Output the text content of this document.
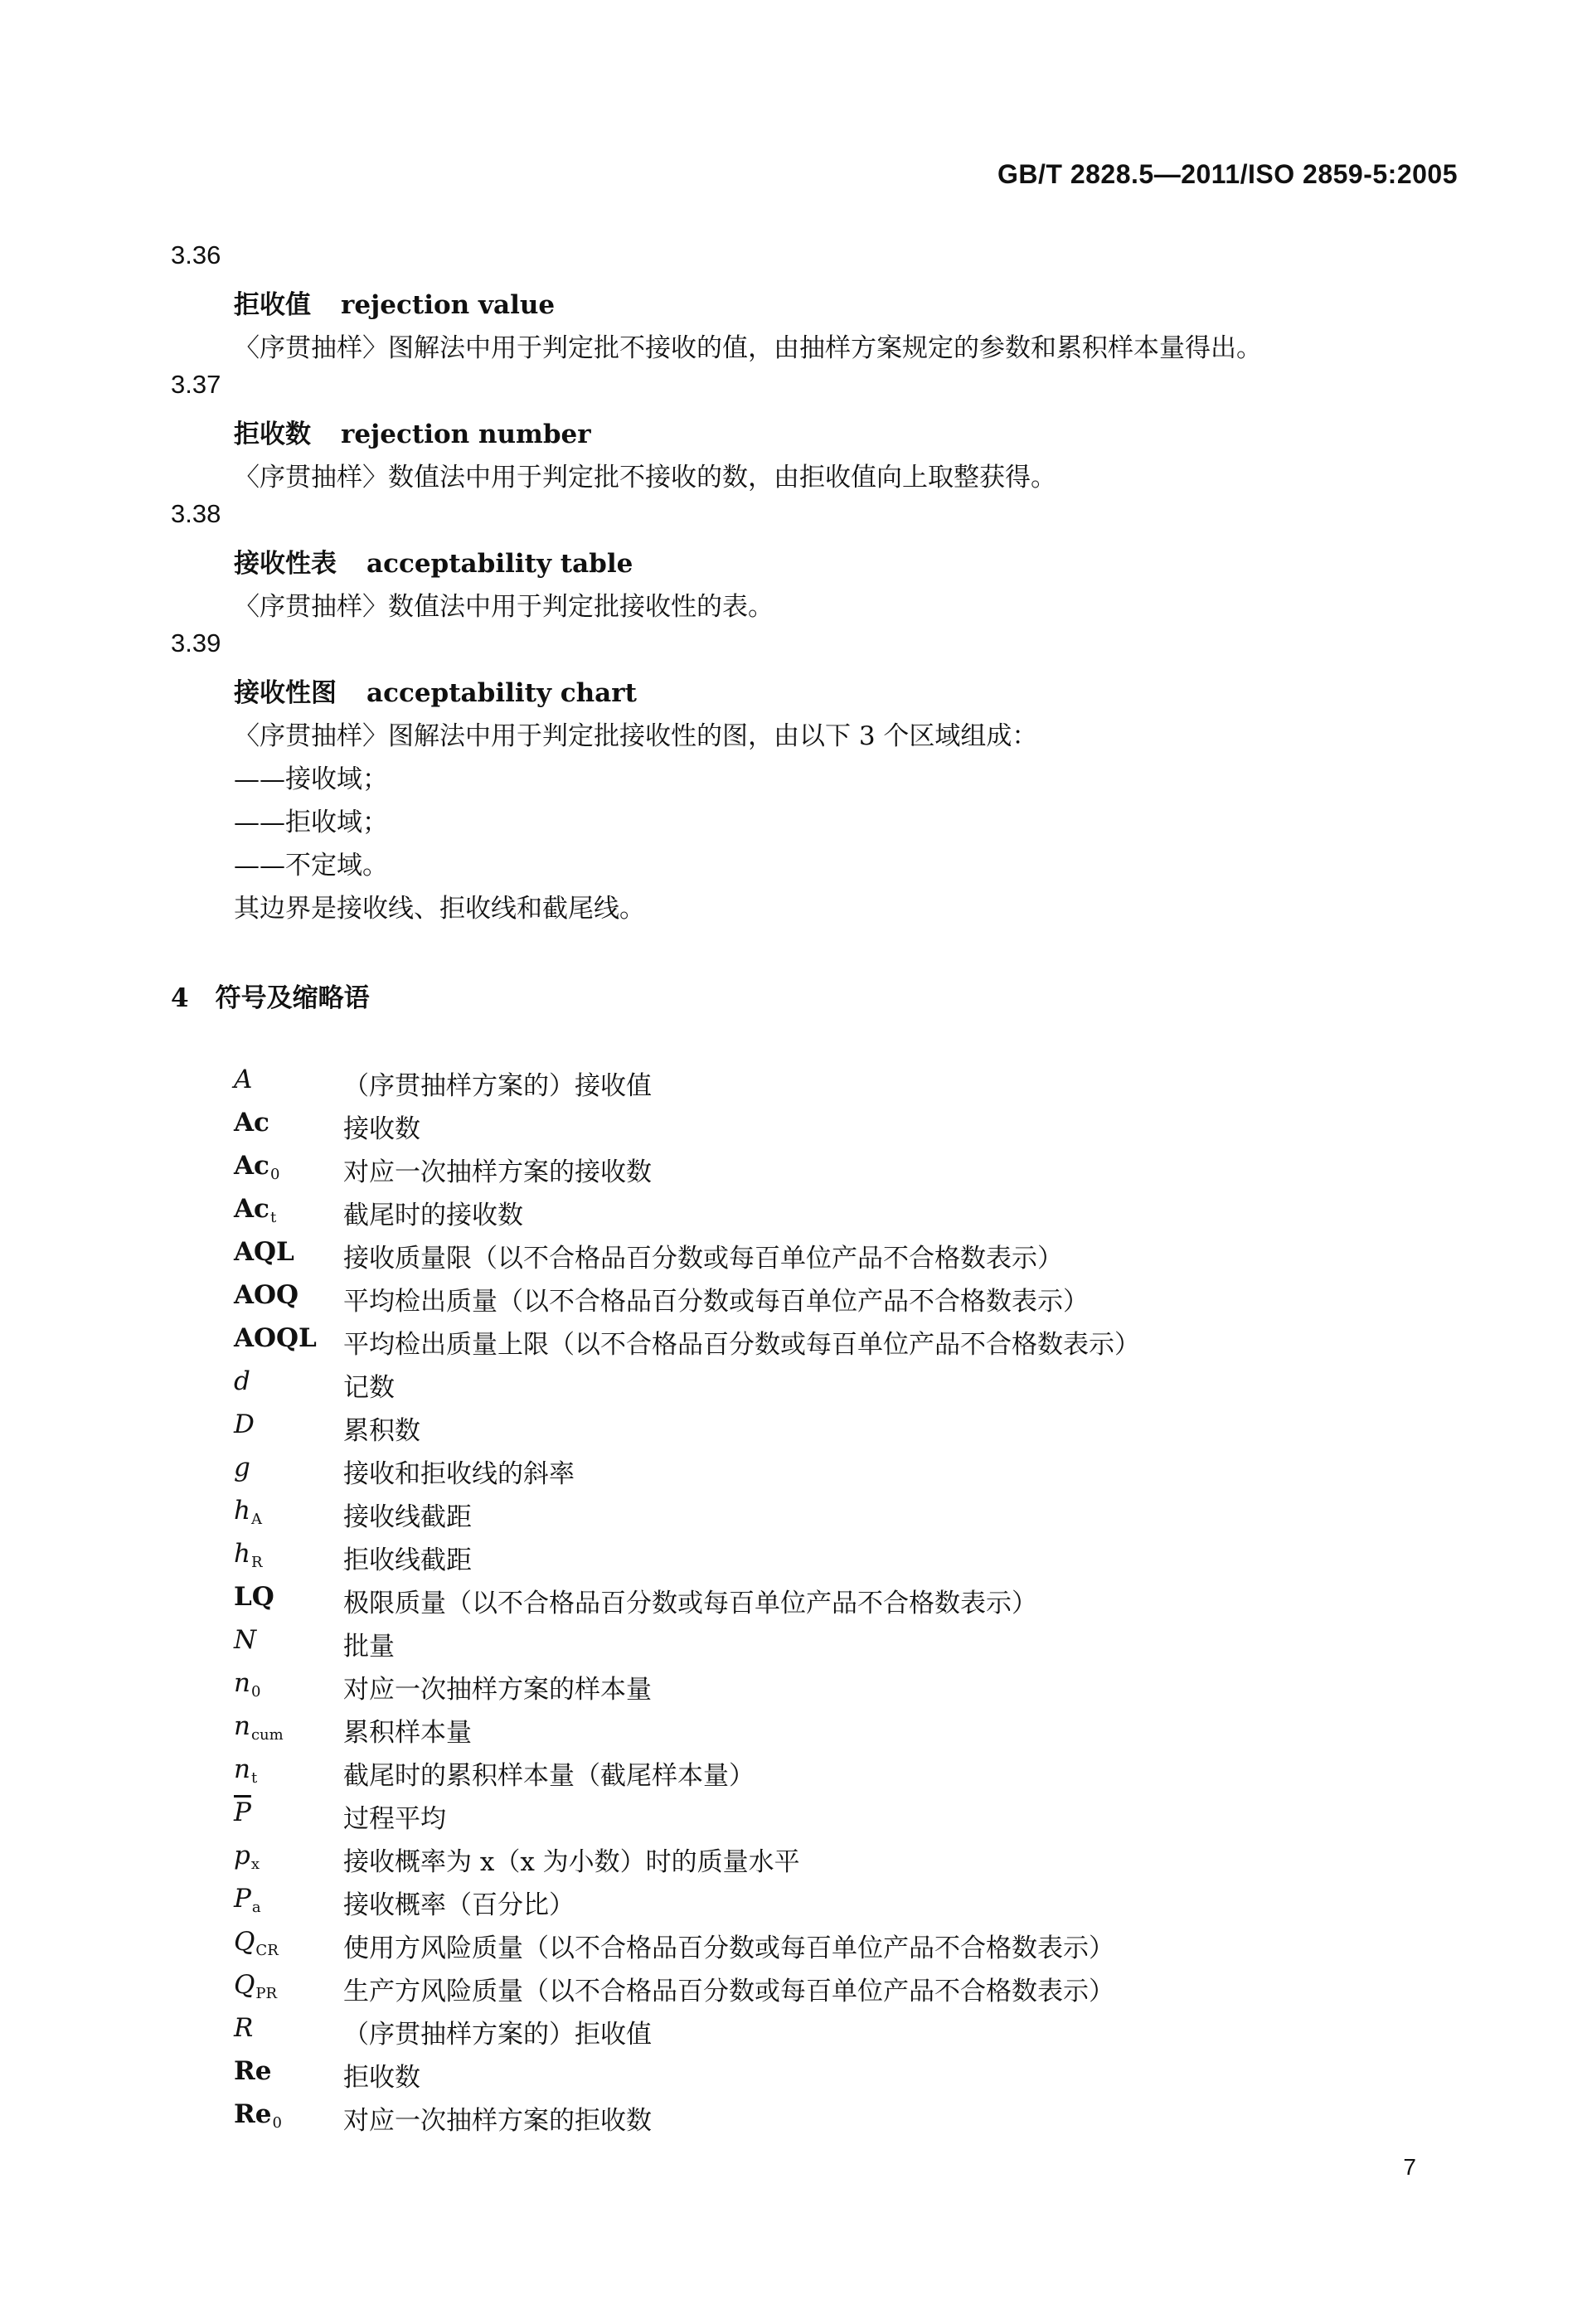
GB/T 2828.5—2011/ISO 2859-5:2005
3.36
拒收值 rejection value
〈序贯抽样〉图解法中用于判定批不接收的值，由抽样方案规定的参数和累积样本量得出。
3.37
拒收数 rejection number
〈序贯抽样〉数值法中用于判定批不接收的数，由拒收值向上取整获得。
3.38
接收性表 acceptability table
〈序贯抽样〉数值法中用于判定批接收性的表。
3.39
接收性图 acceptability chart
〈序贯抽样〉图解法中用于判定批接收性的图，由以下 3 个区域组成：
——接收域；
——拒收域；
——不定域。
其边界是接收线、拒收线和截尾线。
4 符号及缩略语
A	（序贯抽样方案的）接收值
Ac	接收数
$Ac_0$	对应一次抽样方案的接收数
$Ac_t$	截尾时的接收数
AQL	接收质量限（以不合格品百分数或每百单位产品不合格数表示）
AOQ	平均检出质量（以不合格品百分数或每百单位产品不合格数表示）
AOQL	平均检出质量上限（以不合格品百分数或每百单位产品不合格数表示）
d	记数
D	累积数
g	接收和拒收线的斜率
$h_A$	接收线截距
$h_R$	拒收线截距
LQ	极限质量（以不合格品百分数或每百单位产品不合格数表示）
N	批量
$n_0$	对应一次抽样方案的样本量
$n_{cum}$	累积样本量
$n_t$	截尾时的累积样本量（截尾样本量）
$\overline{P}$	过程平均
$p_x$	接收概率为 x（x 为小数）时的质量水平
$P_a$	接收概率（百分比）
$Q_{CR}$	使用方风险质量（以不合格品百分数或每百单位产品不合格数表示）
$Q_{PR}$	生产方风险质量（以不合格品百分数或每百单位产品不合格数表示）
R	（序贯抽样方案的）拒收值
Re	拒收数
$Re_0$	对应一次抽样方案的拒收数
7
